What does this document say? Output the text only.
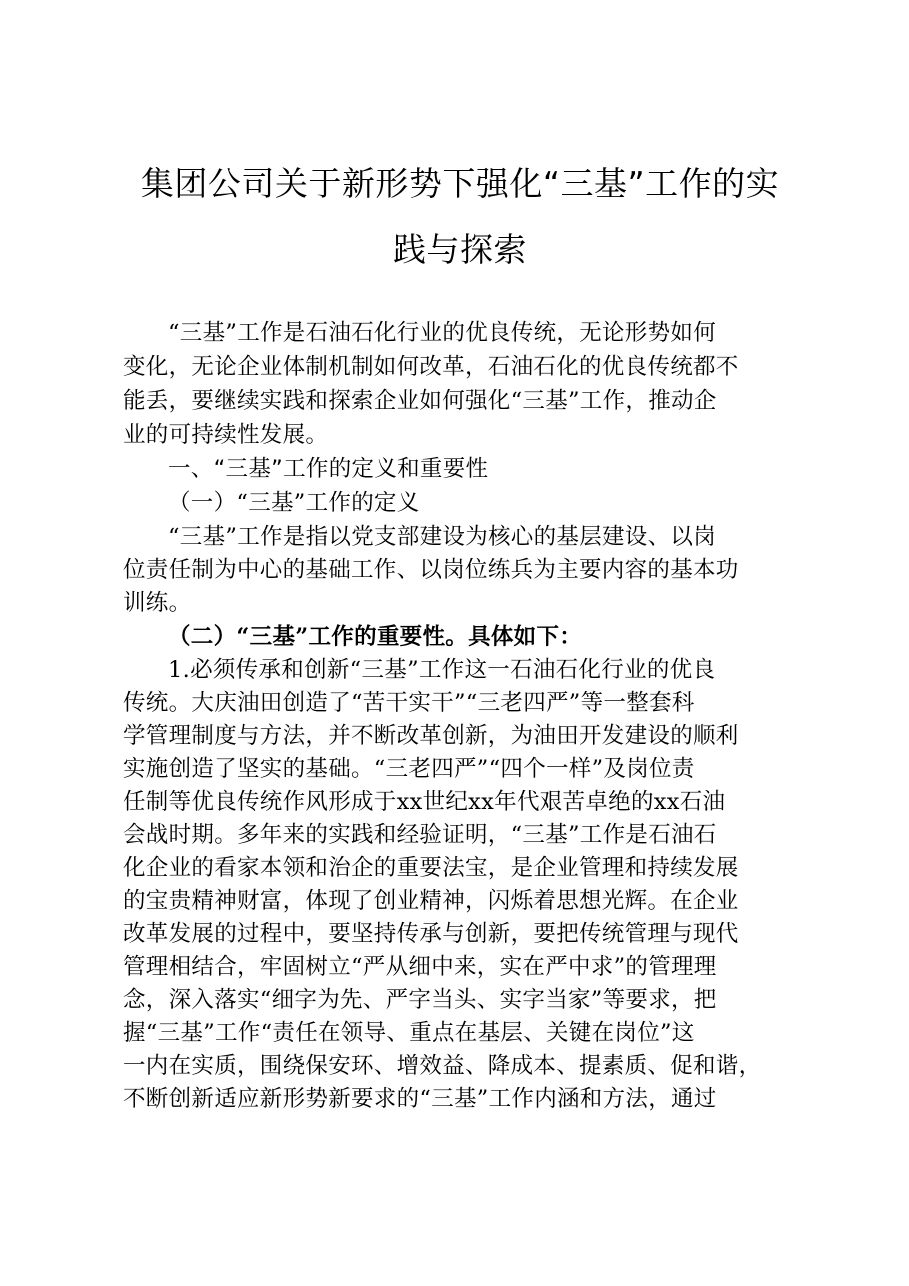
集团公司关于新形势下强化“三基”工作的实
践与探索
“三基”工作是石油石化行业的优良传统，无论形势如何
变化，无论企业体制机制如何改革，石油石化的优良传统都不
能丢，要继续实践和探索企业如何强化“三基”工作，推动企
业的可持续性发展。
一、“三基”工作的定义和重要性
（一）“三基”工作的定义
“三基”工作是指以党支部建设为核心的基层建设、以岗
位责任制为中心的基础工作、以岗位练兵为主要内容的基本功
训练。
（二）“三基”工作的重要性。具体如下：
1.必须传承和创新“三基”工作这一石油石化行业的优良
传统。大庆油田创造了“苦干实干”“三老四严”等一整套科
学管理制度与方法，并不断改革创新，为油田开发建设的顺利
实施创造了坚实的基础。“三老四严”“四个一样”及岗位责
任制等优良传统作风形成于xx世纪xx年代艰苦卓绝的xx石油
会战时期。多年来的实践和经验证明，“三基”工作是石油石
化企业的看家本领和治企的重要法宝，是企业管理和持续发展
的宝贵精神财富，体现了创业精神，闪烁着思想光辉。在企业
改革发展的过程中，要坚持传承与创新，要把传统管理与现代
管理相结合，牢固树立“严从细中来，实在严中求”的管理理
念，深入落实“细字为先、严字当头、实字当家”等要求，把
握“三基”工作“责任在领导、重点在基层、关键在岗位”这
一内在实质，围绕保安环、增效益、降成本、提素质、促和谐，
不断创新适应新形势新要求的“三基”工作内涵和方法，通过
